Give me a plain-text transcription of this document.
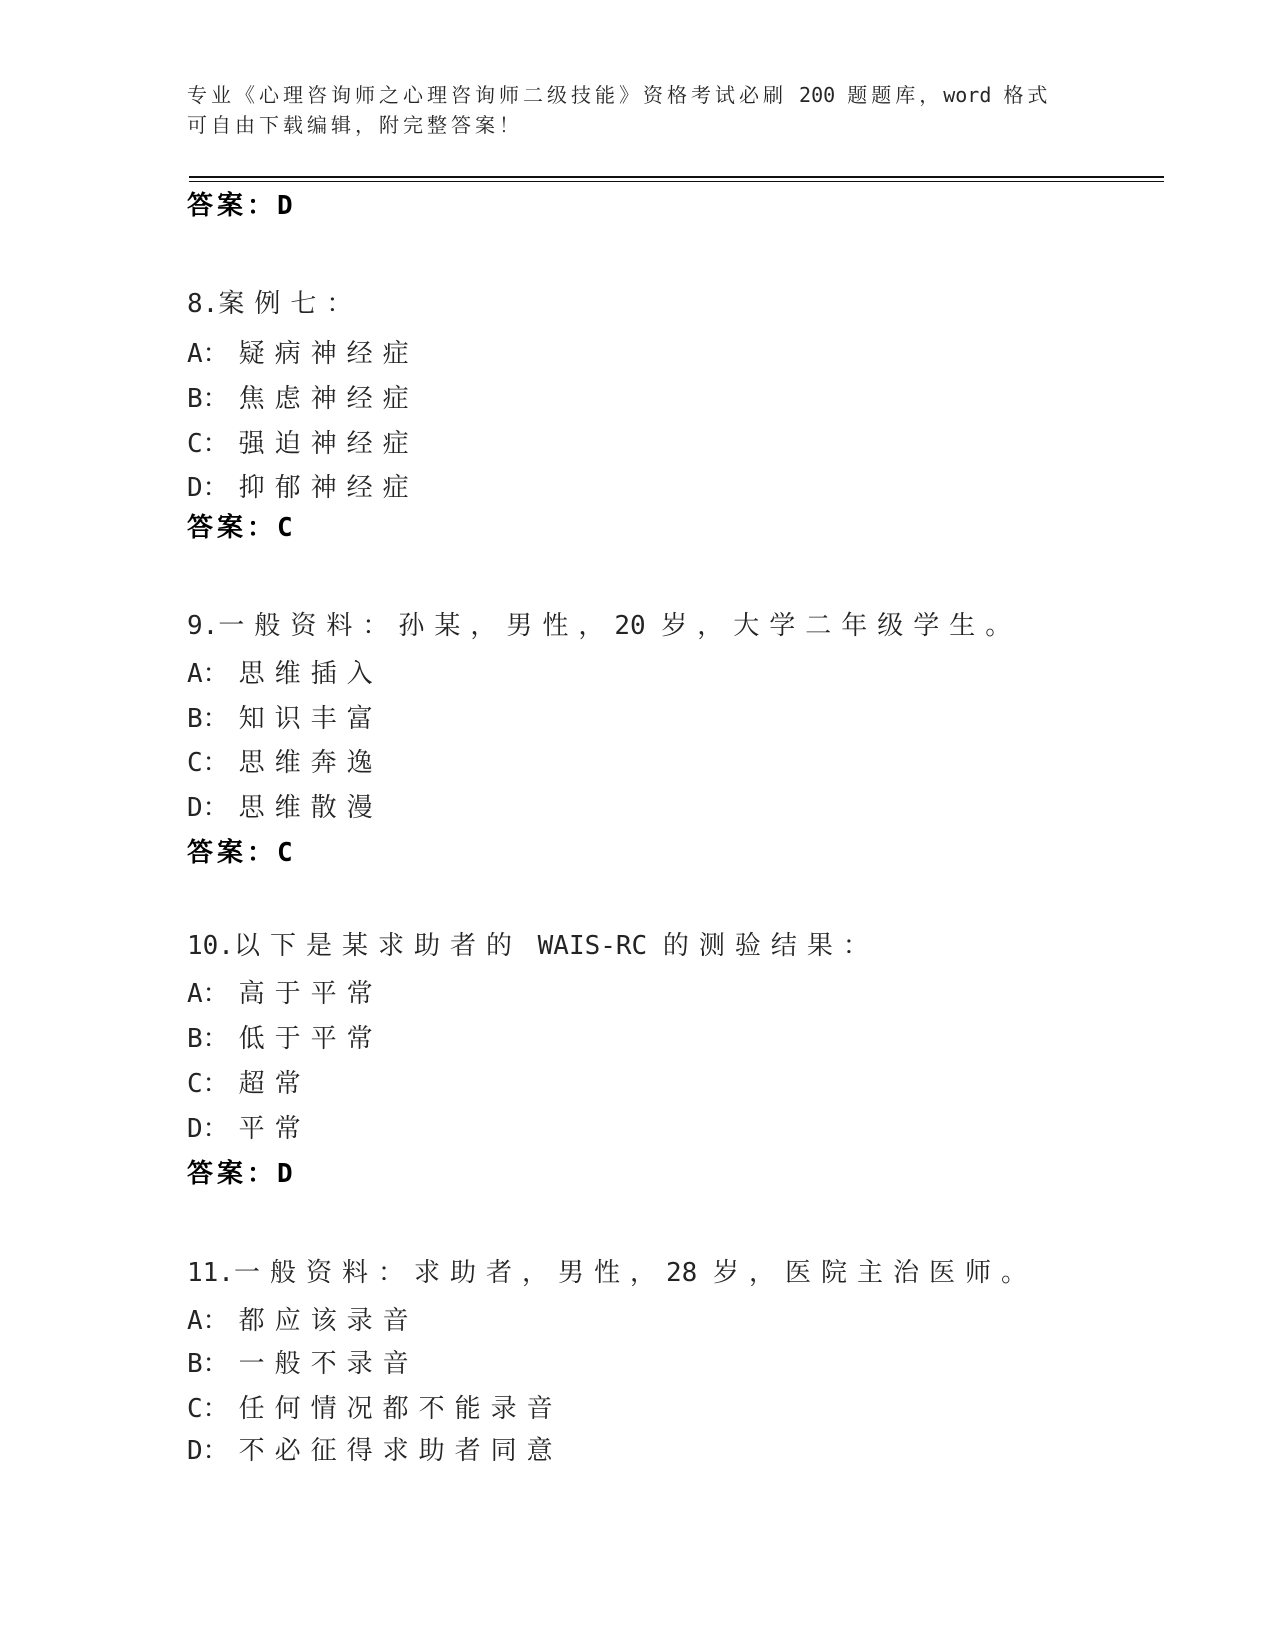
专业《心理咨询师之心理咨询师二级技能》资格考试必刷 200 题题库，word 格式
可自由下载编辑，附完整答案！
答案：D
8.案例七：
A：疑病神经症
B：焦虑神经症
C：强迫神经症
D：抑郁神经症
答案：C
9.一般资料：孙某，男性，20 岁，大学二年级学生。
A：思维插入
B：知识丰富
C：思维奔逸
D：思维散漫
答案：C
10.以下是某求助者的 WAIS-RC 的测验结果：
A：高于平常
B：低于平常
C：超常
D：平常
答案：D
11.一般资料：求助者，男性，28 岁，医院主治医师。
A：都应该录音
B：一般不录音
C：任何情况都不能录音
D：不必征得求助者同意
